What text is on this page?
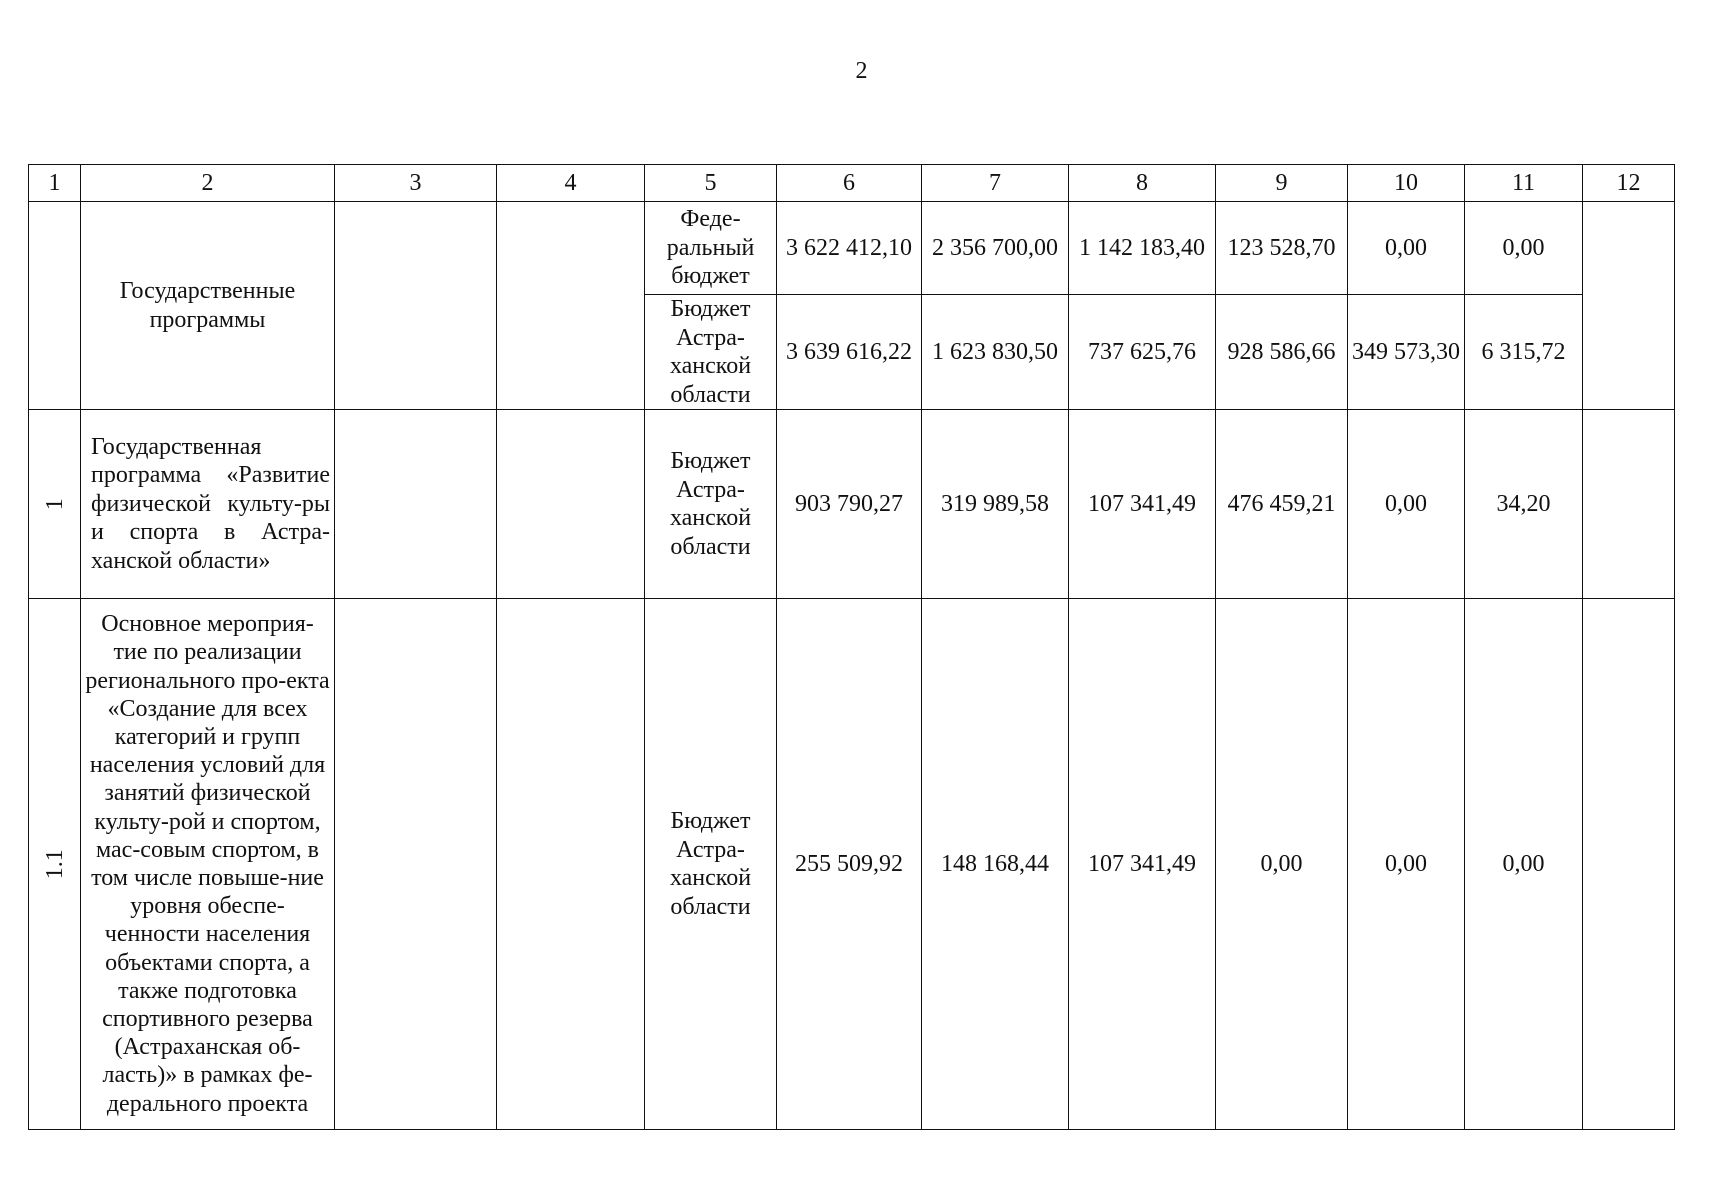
2
1	2	3	4	5	6	7	8	9	10	11	12
	Государственные программы			Феде-ральный бюджет	3 622 412,10	2 356 700,00	1 142 183,40	123 528,70	0,00	0,00	
				Бюджет Астра-ханской области	3 639 616,22	1 623 830,50	737 625,76	928 586,66	349 573,30	6 315,72	
1	Государственная программа «Развитие физической культу-ры и спорта в Астра-ханской области»			Бюджет Астра-ханской области	903 790,27	319 989,58	107 341,49	476 459,21	0,00	34,20	
1.1	Основное мероприя-тие по реализации регионального про-екта «Создание для всех категорий и групп населения условий для занятий физической культу-рой и спортом, мас-совым спортом, в том числе повыше-ние уровня обеспе-ченности населения объектами спорта, а также подготовка спортивного резерва (Астраханская об-ласть)» в рамках фе-дерального проекта			Бюджет Астра-ханской области	255 509,92	148 168,44	107 341,49	0,00	0,00	0,00	
